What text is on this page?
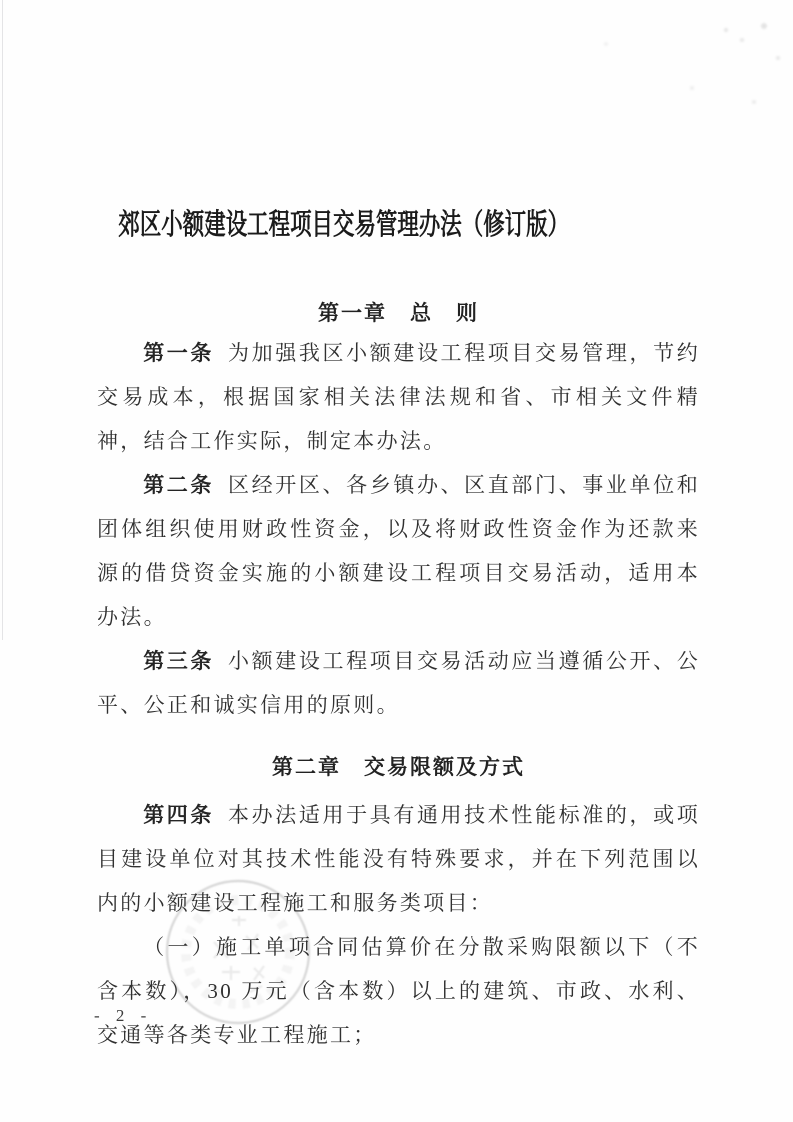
郊区小额建设工程项目交易管理办法（修订版）
第一章　总　则

第一条 为加强我区小额建设工程项目交易管理，节约交易成本，根据国家相关法律法规和省、市相关文件精神，结合工作实际，制定本办法。

第二条 区经开区、各乡镇办、区直部门、事业单位和团体组织使用财政性资金，以及将财政性资金作为还款来源的借贷资金实施的小额建设工程项目交易活动，适用本办法。

第三条 小额建设工程项目交易活动应当遵循公开、公平、公正和诚实信用的原则。

第二章　交易限额及方式

第四条 本办法适用于具有通用技术性能标准的，或项目建设单位对其技术性能没有特殊要求，并在下列范围以内的小额建设工程施工和服务类项目：

（一）施工单项合同估算价在分散采购限额以下（不含本数），30 万元（含本数）以上的建筑、市政、水利、交通等各类专业工程施工；

- 2 -
